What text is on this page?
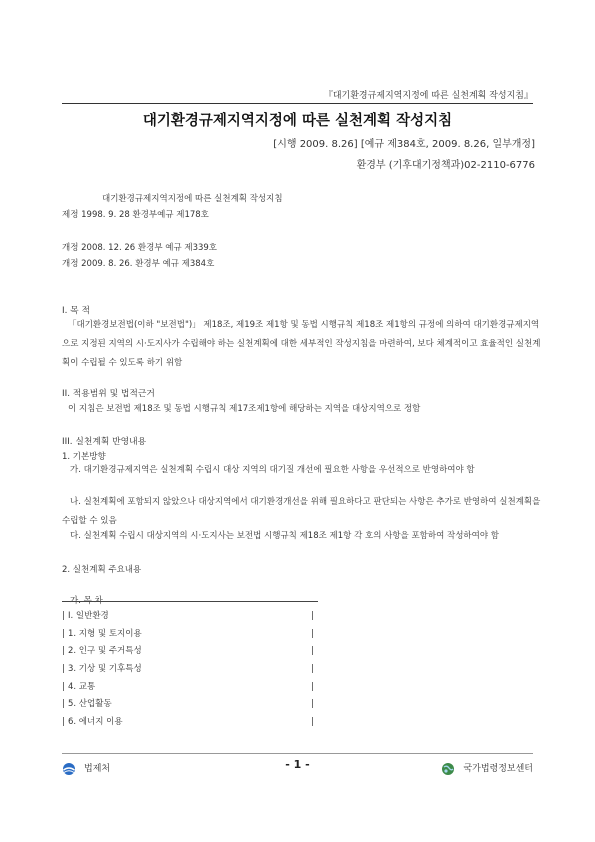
『대기환경규제지역지정에 따른 실천계획 작성지침』
대기환경규제지역지정에 따른 실천계획 작성지침
[시행 2009. 8.26] [예규 제384호, 2009. 8.26, 일부개정]
환경부 (기후대기정책과)02-2110-6776
대기환경규제지역지정에 따른 실천계획 작성지침
제정 1998. 9. 28 환경부예규 제178호
개정 2008. 12. 26 환경부 예규 제339호
개정 2009. 8. 26. 환경부 예규 제384호
I. 목 적
「대기환경보전법(이하 "보전법")」 제18조, 제19조 제1항 및 동법 시행규칙 제18조 제1항의 규정에 의하여 대기환경규제지역으로 지정된 지역의 시·도지사가 수립해야 하는 실천계획에 대한 세부적인 작성지침을 마련하여, 보다 체계적이고 효율적인 실천계획이 수립될 수 있도록 하기 위함
II. 적용범위 및 법적근거
이 지침은 보전법 제18조 및 동법 시행규칙 제17조제1항에 해당하는 지역을 대상지역으로 정함
III. 실천계획 반영내용
1. 기본방향
가. 대기환경규제지역은 실천계획 수립시 대상 지역의 대기질 개선에 필요한 사항을 우선적으로 반영하여야 함
나. 실천계획에 포함되지 않았으나 대상지역에서 대기환경개선을 위해 필요하다고 판단되는 사항은 추가로 반영하여 실천계획을 수립할 수 있음
다. 실천계획 수립시 대상지역의 시·도지사는 보전법 시행규칙 제18조 제1항 각 호의 사항을 포함하여 작성하여야 함
2. 실천계획 주요내용
가. 목 차
| I. 일반환경	|
| 1. 지형 및 토지이용	|
| 2. 인구 및 주거특성	|
| 3. 기상 및 기후특성	|
| 4. 교통	|
| 5. 산업활동	|
| 6. 에너지 이용	|
법제처	- 1 -	국가법령정보센터
